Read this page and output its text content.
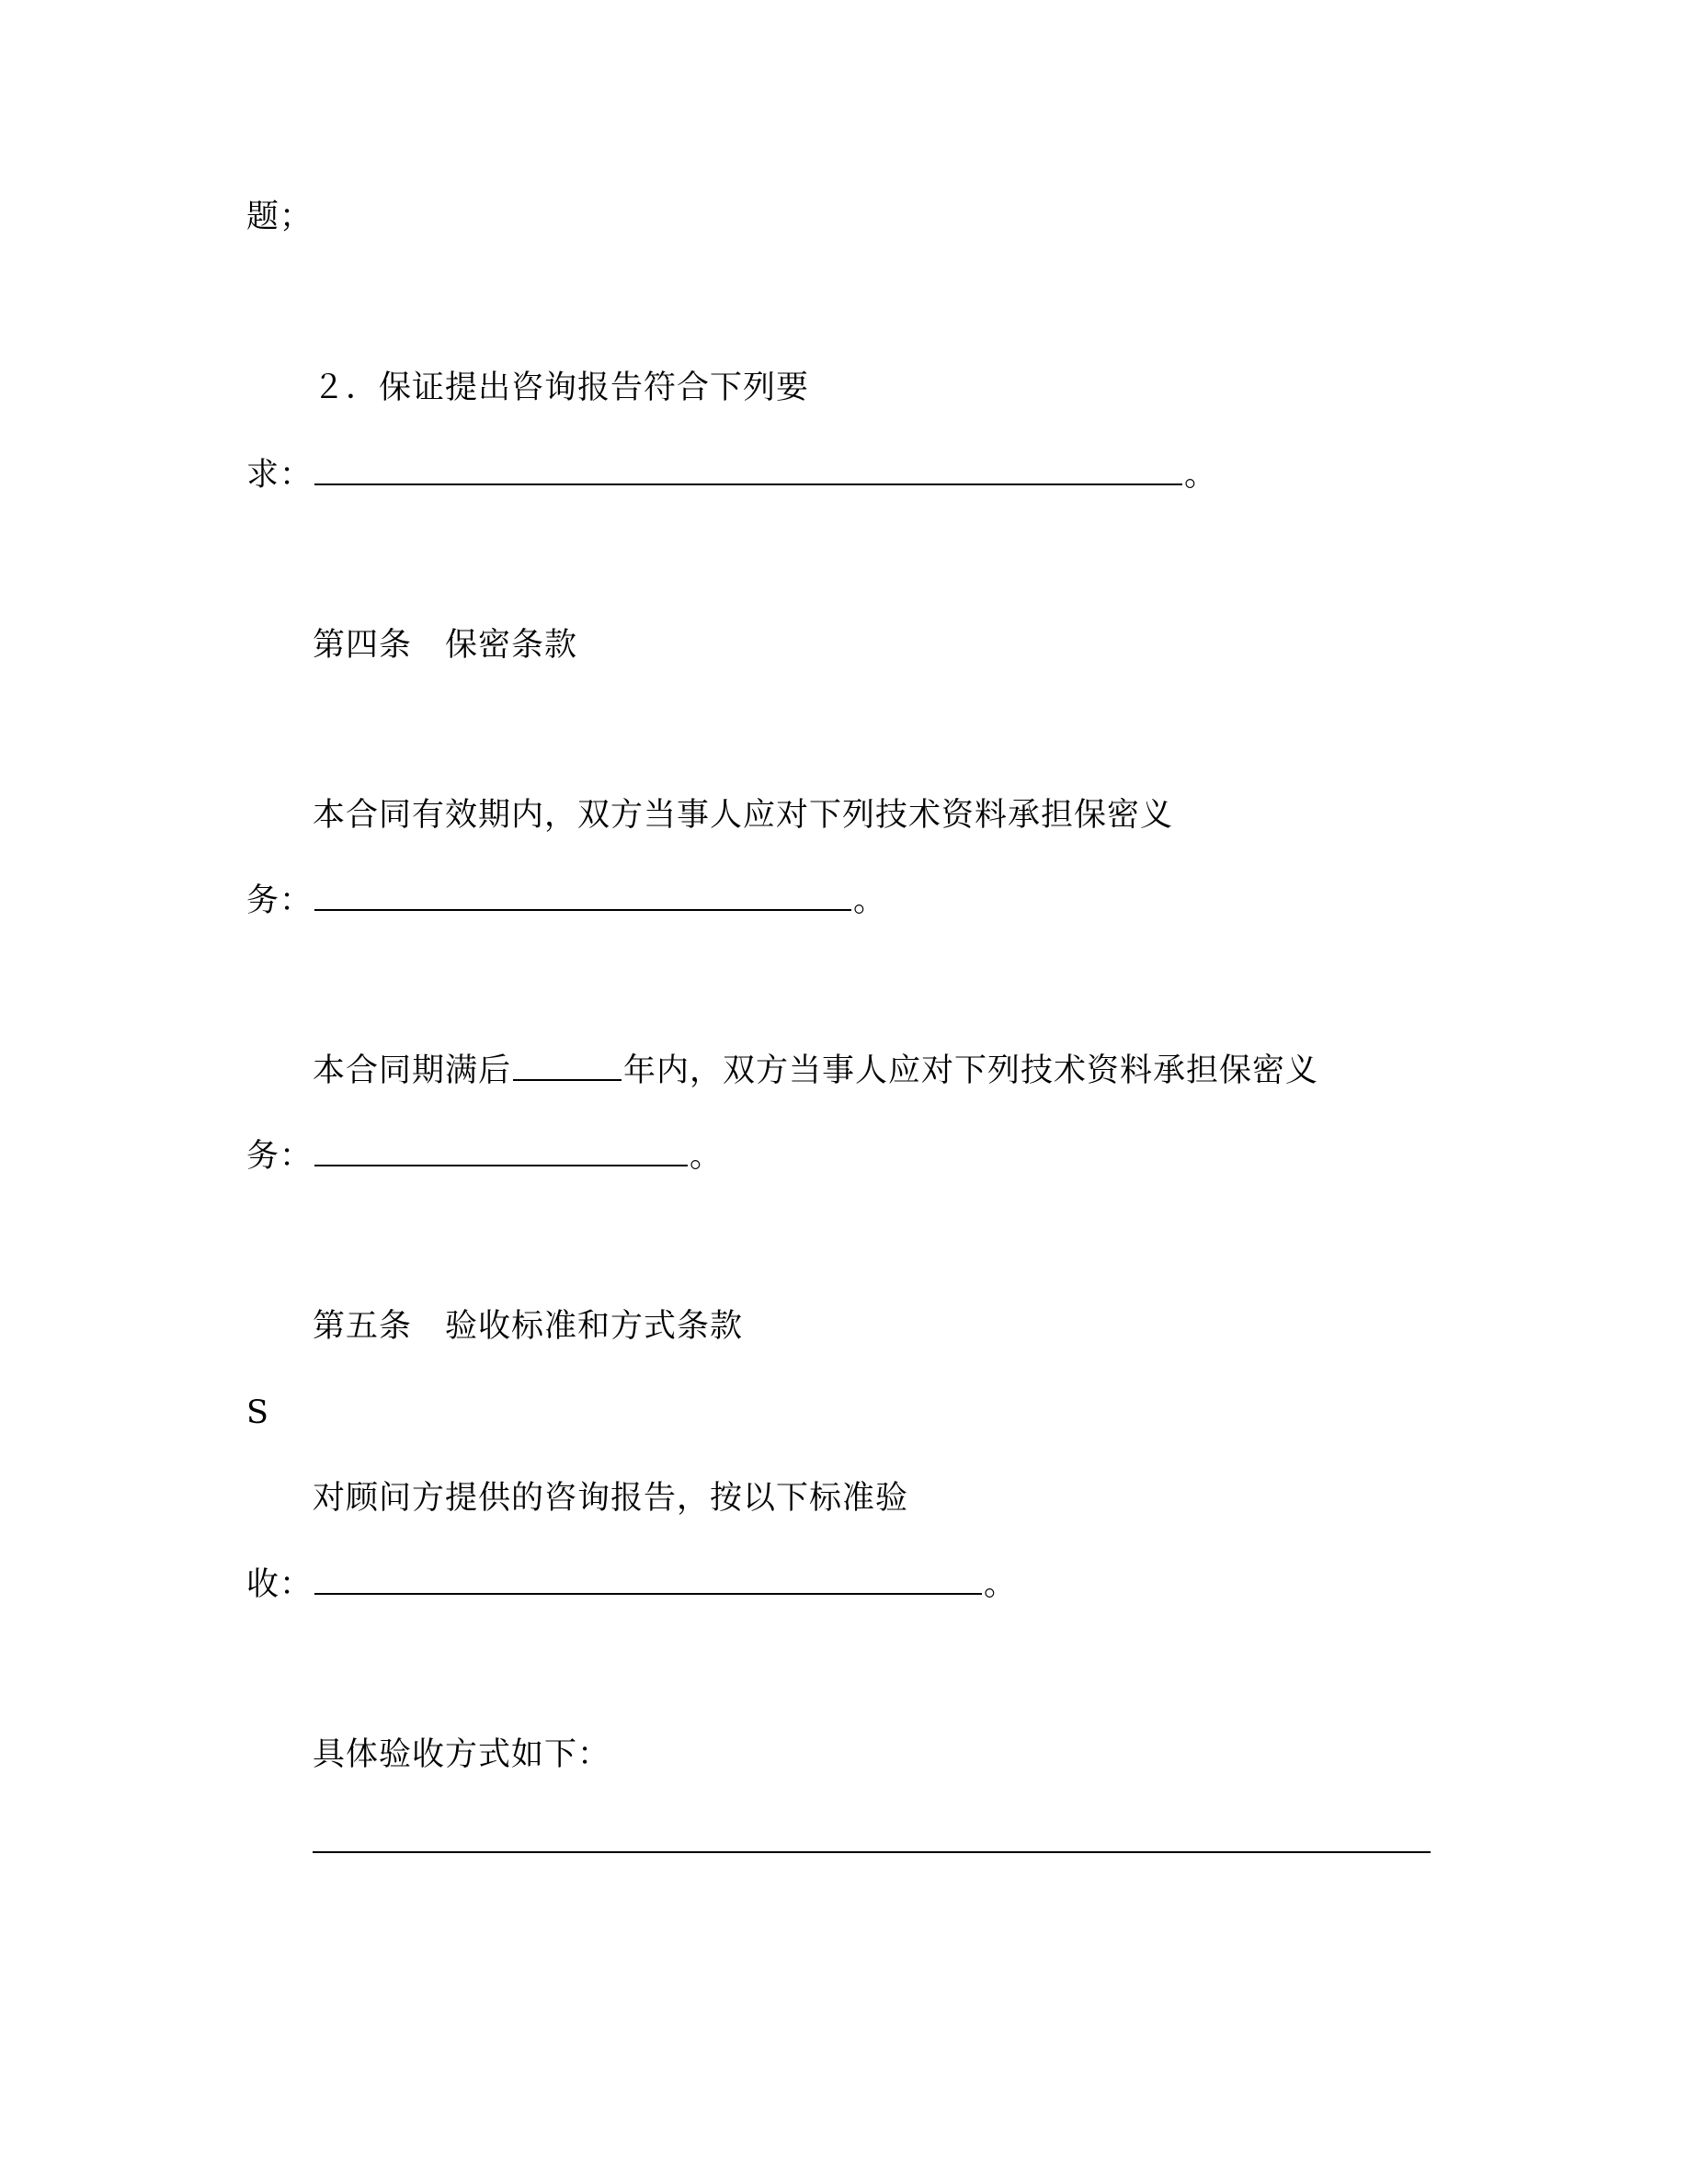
题；
２．保证提出咨询报告符合下列要
求：	。
第四条　保密条款
本合同有效期内，双方当事人应对下列技术资料承担保密义
务：	。
本合同期满后	年内，双方当事人应对下列技术资料承担保密义
务：	。
第五条　验收标准和方式条款
S
对顾问方提供的咨询报告，按以下标准验
收：	。
具体验收方式如下：
